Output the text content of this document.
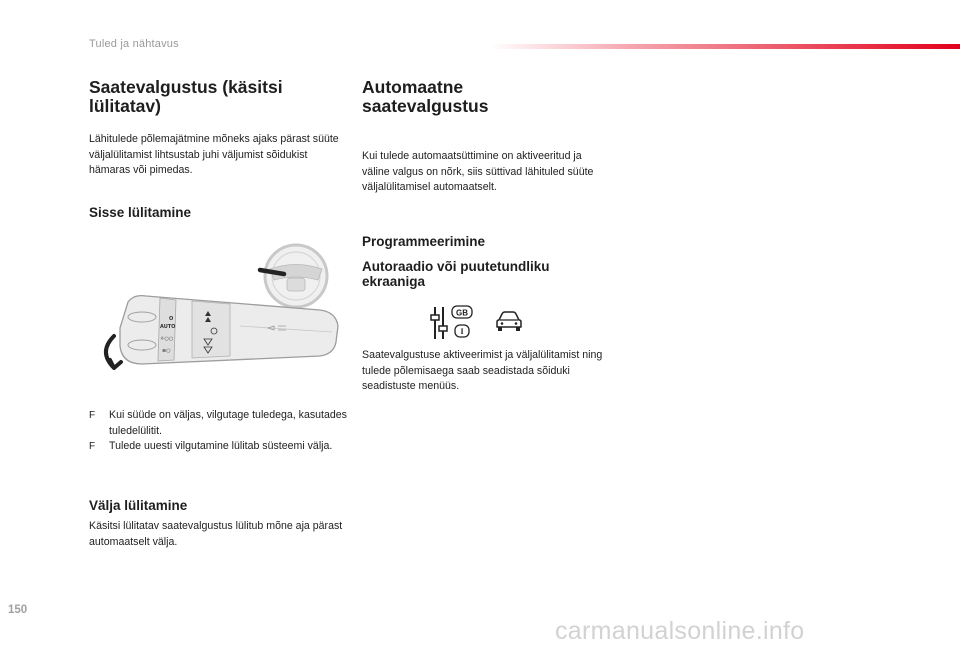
Tuled ja nähtavus
Saatevalgustus (käsitsi lülitatav)

Lähitulede põlemajätmine mõneks ajaks pärast süüte väljalülitamist lihtsustab juhi väljumist sõidukist hämaras või pimedas.

Sisse lülitamine
O
AUTO
☼○○
≡○
F	Kui süüde on väljas, vilgutage tuledega, kasutades tuledelülitit.
F	Tulede uuesti vilgutamine lülitab süsteemi välja.
Välja lülitamine

Käsitsi lülitatav saatevalgustus lülitub mõne aja pärast automaatselt välja.

Automaatne saatevalgustus

Kui tulede automaatsüttimine on aktiveeritud ja väline valgus on nõrk, siis süttivad lähituled süüte väljalülitamisel automaatselt.

Programmeerimine
Autoraadio või puutetundliku ekraaniga
GB
I

Saatevalgustuse aktiveerimist ja väljalülitamist ning tulede põlemisaega saab seadistada sõiduki seadistuste menüüs.

150
carmanualsonline.info
